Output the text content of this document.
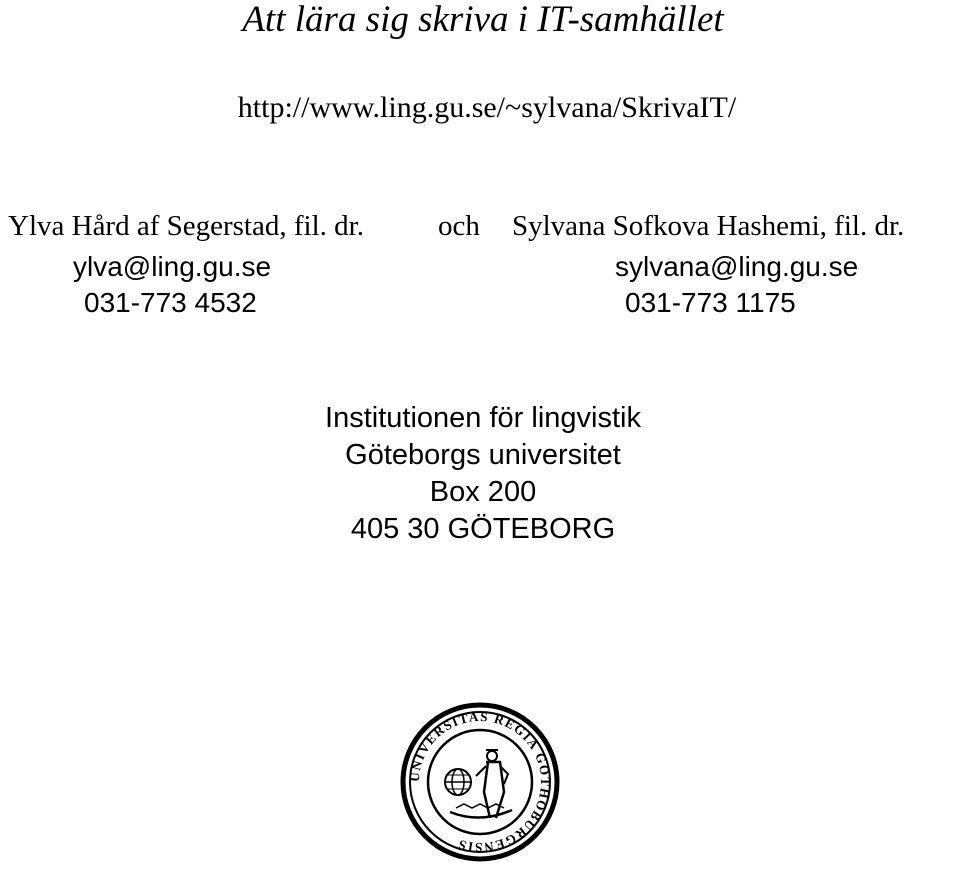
Att lära sig skriva i IT-samhället
http://www.ling.gu.se/~sylvana/SkrivaIT/
Ylva Hård af Segerstad, fil. dr.	och Sylvana Sofkova Hashemi, fil. dr.
ylva@ling.gu.se	sylvana@ling.gu.se
031-773 4532	031-773 1175
Institutionen för lingvistik
Göteborgs universitet
Box 200
405 30 GÖTEBORG
UNIVERSITAS REGIA GOTHOBURGENSIS
